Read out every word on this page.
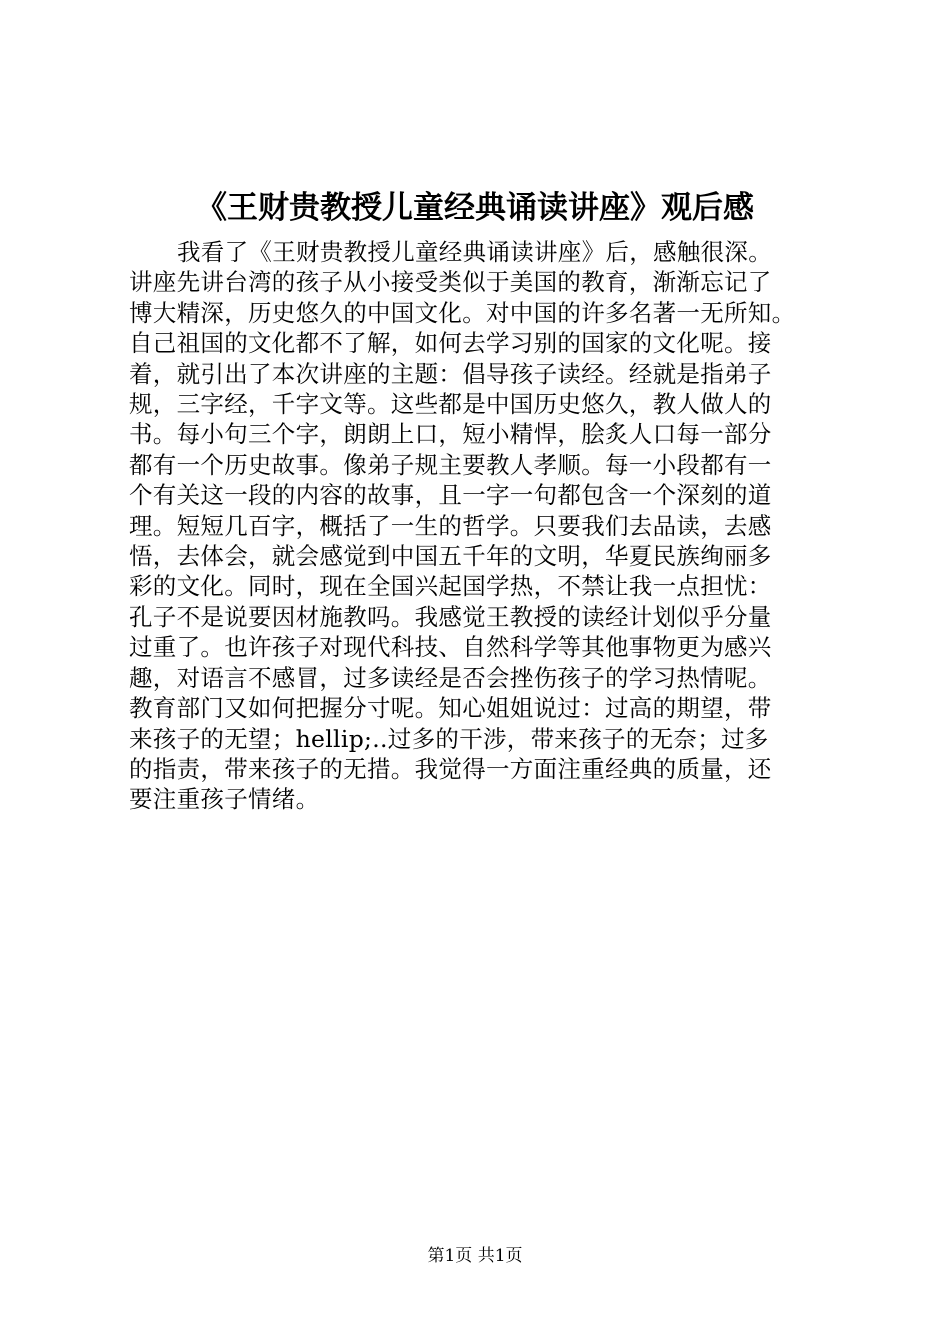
《王财贵教授儿童经典诵读讲座》观后感
我看了《王财贵教授儿童经典诵读讲座》后，感触很深。
讲座先讲台湾的孩子从小接受类似于美国的教育，渐渐忘记了
博大精深，历史悠久的中国文化。对中国的许多名著一无所知。
自己祖国的文化都不了解，如何去学习别的国家的文化呢。接
着，就引出了本次讲座的主题：倡导孩子读经。经就是指弟子
规，三字经，千字文等。这些都是中国历史悠久，教人做人的
书。每小句三个字，朗朗上口，短小精悍，脍炙人口每一部分
都有一个历史故事。像弟子规主要教人孝顺。每一小段都有一
个有关这一段的内容的故事，且一字一句都包含一个深刻的道
理。短短几百字，概括了一生的哲学。只要我们去品读，去感
悟，去体会，就会感觉到中国五千年的文明，华夏民族绚丽多
彩的文化。同时，现在全国兴起国学热，不禁让我一点担忧：
孔子不是说要因材施教吗。我感觉王教授的读经计划似乎分量
过重了。也许孩子对现代科技、自然科学等其他事物更为感兴
趣，对语言不感冒，过多读经是否会挫伤孩子的学习热情呢。
教育部门又如何把握分寸呢。知心姐姐说过：过高的期望，带
来孩子的无望；hellip;..过多的干涉，带来孩子的无奈；过多
的指责，带来孩子的无措。我觉得一方面注重经典的质量，还
要注重孩子情绪。
第1页 共1页
